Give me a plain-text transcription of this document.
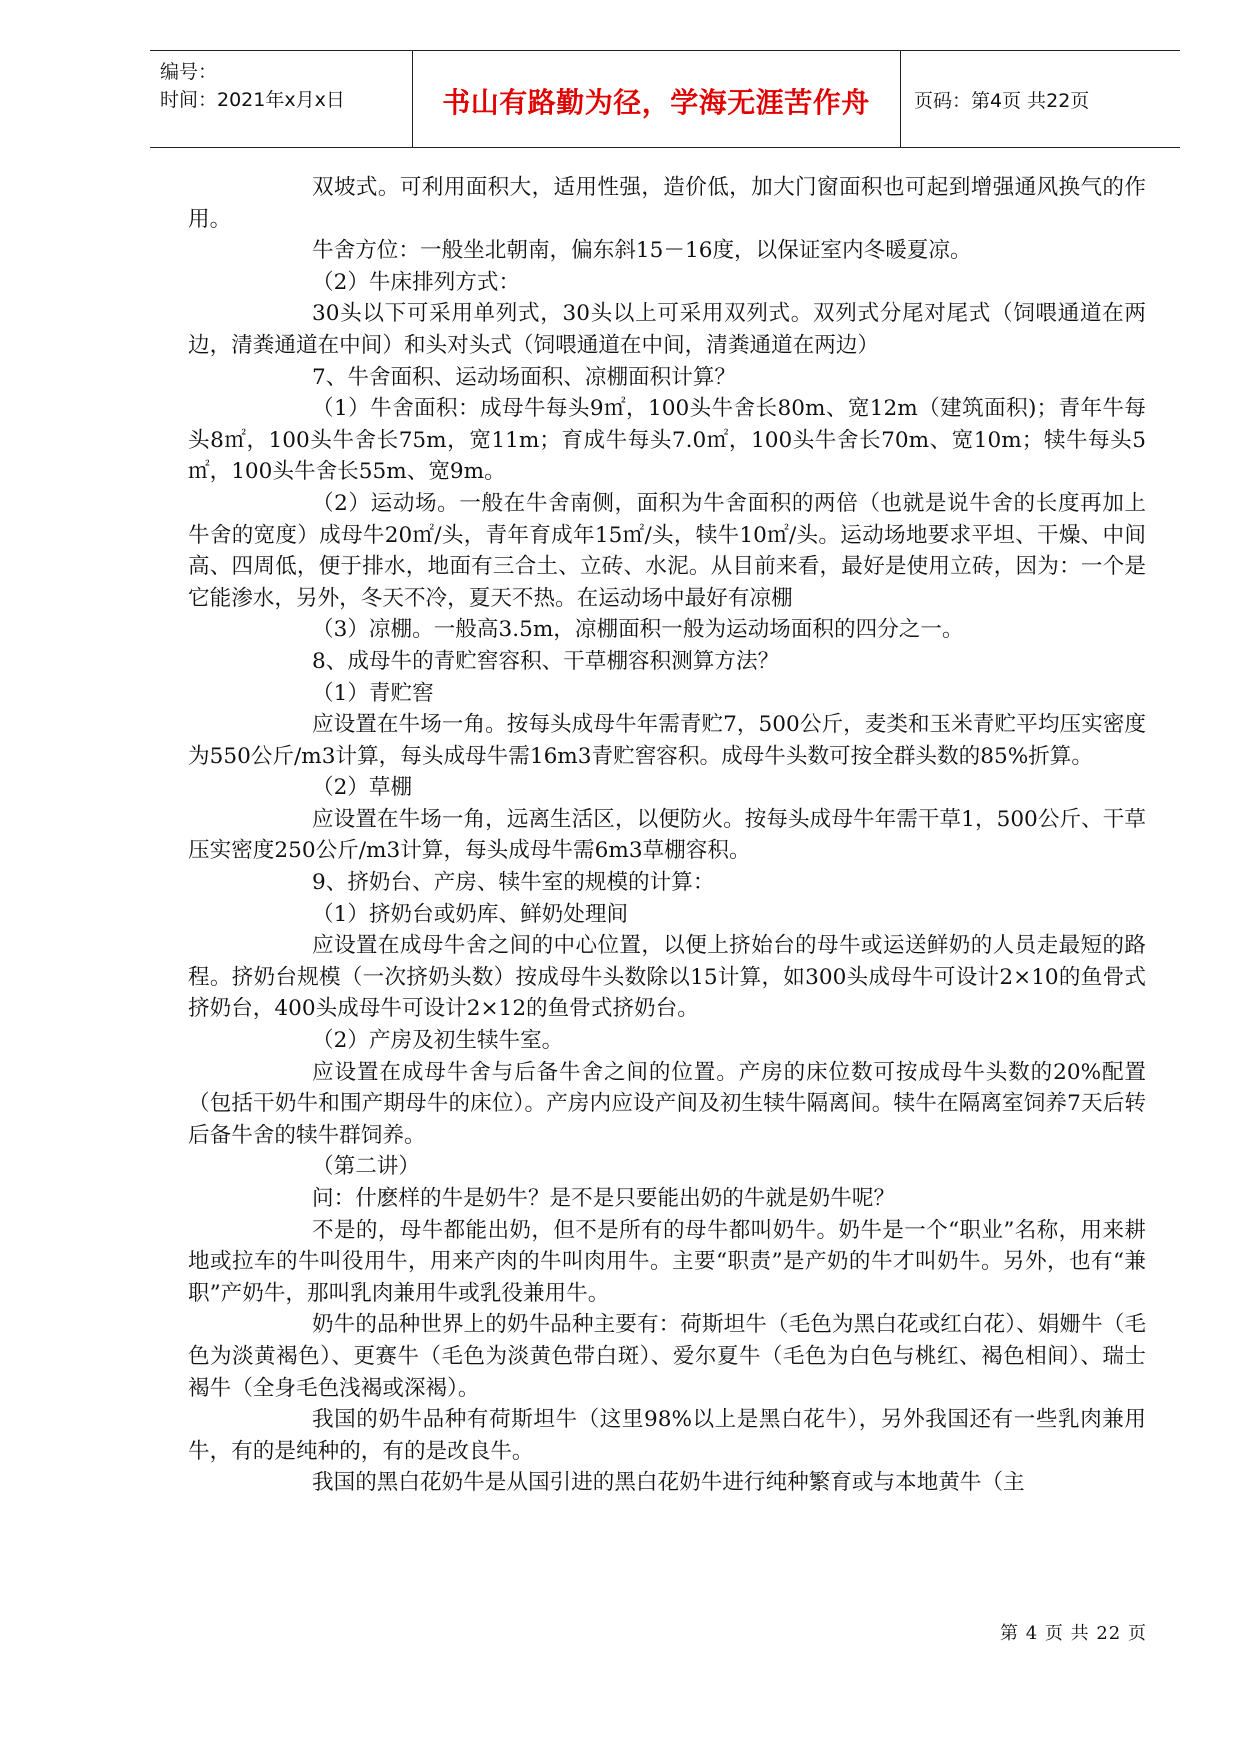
编号：
时间：2021年x月x日	书山有路勤为径，学海无涯苦作舟	页码：第4页 共22页

双坡式。可利用面积大，适用性强，造价低，加大门窗面积也可起到增强通风换气的作用。

牛舍方位：一般坐北朝南，偏东斜15－16度，以保证室内冬暖夏凉。

（2）牛床排列方式：

30头以下可采用单列式，30头以上可采用双列式。双列式分尾对尾式（饲喂通道在两边，清粪通道在中间）和头对头式（饲喂通道在中间，清粪通道在两边）

7、牛舍面积、运动场面积、凉棚面积计算？

（1）牛舍面积：成母牛每头9㎡，100头牛舍长80m、宽12m（建筑面积)；青年牛每头8㎡，100头牛舍长75m，宽11m；育成牛每头7.0㎡，100头牛舍长70m、宽10m；犊牛每头5㎡，100头牛舍长55m、宽9m。

（2）运动场。一般在牛舍南侧，面积为牛舍面积的两倍（也就是说牛舍的长度再加上牛舍的宽度）成母牛20㎡/头，青年育成年15㎡/头，犊牛10㎡/头。运动场地要求平坦、干燥、中间高、四周低，便于排水，地面有三合土、立砖、水泥。从目前来看，最好是使用立砖，因为：一个是它能渗水，另外，冬天不冷，夏天不热。在运动场中最好有凉棚

（3）凉棚。一般高3.5m，凉棚面积一般为运动场面积的四分之一。

8、成母牛的青贮窖容积、干草棚容积测算方法？

（1）青贮窖

应设置在牛场一角。按每头成母牛年需青贮7，500公斤，麦类和玉米青贮平均压实密度为550公斤/m3计算，每头成母牛需16m3青贮窖容积。成母牛头数可按全群头数的85%折算。

（2）草棚

应设置在牛场一角，远离生活区，以便防火。按每头成母牛年需干草1，500公斤、干草压实密度250公斤/m3计算，每头成母牛需6m3草棚容积。

9、挤奶台、产房、犊牛室的规模的计算：

（1）挤奶台或奶库、鲜奶处理间

应设置在成母牛舍之间的中心位置，以便上挤始台的母牛或运送鲜奶的人员走最短的路程。挤奶台规模（一次挤奶头数）按成母牛头数除以15计算，如300头成母牛可设计2×10的鱼骨式挤奶台，400头成母牛可设计2×12的鱼骨式挤奶台。

（2）产房及初生犊牛室。

应设置在成母牛舍与后备牛舍之间的位置。产房的床位数可按成母牛头数的20%配置（包括干奶牛和围产期母牛的床位）。产房内应设产间及初生犊牛隔离间。犊牛在隔离室饲养7天后转后备牛舍的犊牛群饲养。

（第二讲）

问：什麽样的牛是奶牛？是不是只要能出奶的牛就是奶牛呢？

不是的，母牛都能出奶，但不是所有的母牛都叫奶牛。奶牛是一个“职业”名称，用来耕地或拉车的牛叫役用牛，用来产肉的牛叫肉用牛。主要“职责”是产奶的牛才叫奶牛。另外，也有“兼职”产奶牛，那叫乳肉兼用牛或乳役兼用牛。

奶牛的品种世界上的奶牛品种主要有：荷斯坦牛（毛色为黑白花或红白花）、娟姗牛（毛色为淡黄褐色）、更赛牛（毛色为淡黄色带白斑）、爱尔夏牛（毛色为白色与桃红、褐色相间）、瑞士褐牛（全身毛色浅褐或深褐）。

我国的奶牛品种有荷斯坦牛（这里98%以上是黑白花牛），另外我国还有一些乳肉兼用牛，有的是纯种的，有的是改良牛。

我国的黑白花奶牛是从国引进的黑白花奶牛进行纯种繁育或与本地黄牛（主

第 4 页 共 22 页
